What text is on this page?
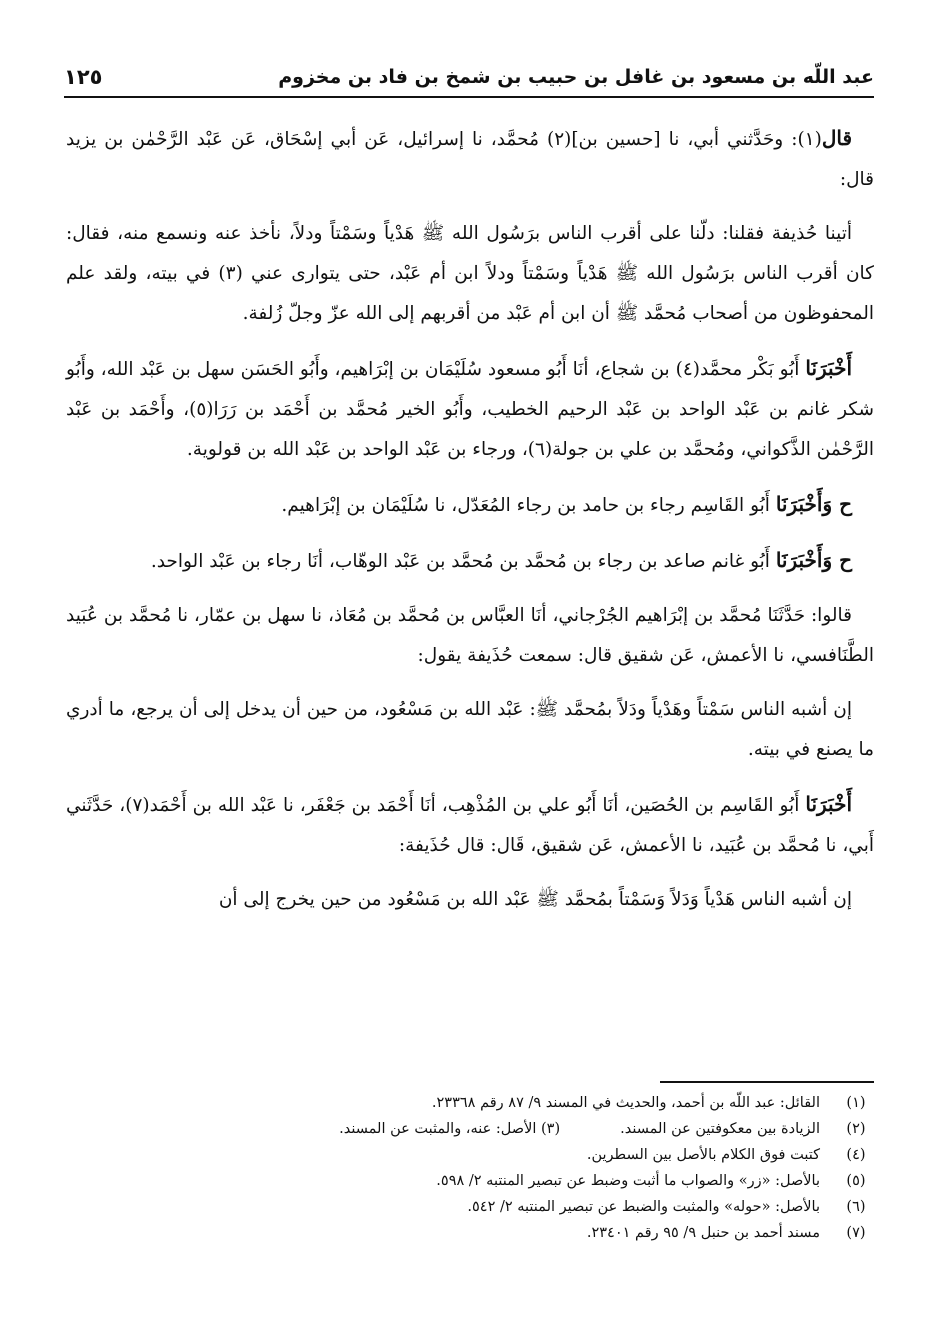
عبد اللّه بن مسعود بن غافل بن حبيب بن شمخ بن فاد بن مخزوم
١٢٥

قال(١): وحَدَّثني أبي، نا [حسين بن](٢) مُحمَّد، نا إسرائيل، عَن أبي إسْحَاق، عَن عَبْد الرَّحْمٰن بن يزيد قال:

أتينا حُذيفة فقلنا: دلّنا على أقرب الناس برَسُول الله ﷺ هَدْياً وسَمْتاً ودلاً، نأخذ عنه ونسمع منه، فقال: كان أقرب الناس برَسُول الله ﷺ هَدْياً وسَمْتاً ودلاً ابن أم عَبْد، حتى يتوارى عني (٣) في بيته، ولقد علم المحفوظون من أصحاب مُحمَّد ﷺ أن ابن أم عَبْد من أقربهم إلى الله عزّ وجلّ زُلفة.

أَخْبَرَنَا أَبُو بَكْر محمَّد(٤) بن شجاع، أنَا أَبُو مسعود سُلَيْمَان بن إبْرَاهيم، وأَبُو الحَسَن سهل بن عَبْد الله، وأَبُو شكر غانم بن عَبْد الواحد بن عَبْد الرحيم الخطيب، وأَبُو الخير مُحمَّد بن أَحْمَد بن رَرَا(٥)، وأَحْمَد بن عَبْد الرَّحْمٰن الذَّكواني، ومُحمَّد بن علي بن جولة(٦)، ورجاء بن عَبْد الواحد بن عَبْد الله بن قولوية.

ح وَأَخْبَرَنَا أَبُو القَاسِم رجاء بن حامد بن رجاء المُعَدّل، نا سُلَيْمَان بن إبْرَاهيم.

ح وَأَخْبَرَنَا أَبُو غانم صاعد بن رجاء بن مُحمَّد بن مُحمَّد بن عَبْد الوهّاب، أنَا رجاء بن عَبْد الواحد.

قالوا: حَدَّثَنَا مُحمَّد بن إبْرَاهيم الجُرْجاني، أنَا العبَّاس بن مُحمَّد بن مُعَاذ، نا سهل بن عمّار، نا مُحمَّد بن عُبَيد الطَّنَافسي، نا الأعمش، عَن شقيق قال: سمعت حُذَيفة يقول:

إن أشبه الناس سَمْتاً وهَدْياً ودَلاً بمُحمَّد ﷺ: عَبْد الله بن مَسْعُود، من حين أن يدخل إلى أن يرجع، ما أدري ما يصنع في بيته.

أَخْبَرَنَا أَبُو القَاسِم بن الحُصَين، أنَا أَبُو علي بن المُذْهِب، أنَا أَحْمَد بن جَعْفَر، نا عَبْد الله بن أَحْمَد(٧)، حَدَّثَني أَبي، نا مُحمَّد بن عُبَيد، نا الأعمش، عَن شقيق، قَال: قال حُذَيفة:

إن أشبه الناس هَدْياً وَدَلاً وَسَمْتاً بمُحمَّد ﷺ عَبْد الله بن مَسْعُود من حين يخرج إلى أن

(١)
القائل: عبد اللّه بن أحمد، والحديث في المسند ٩/ ٨٧ رقم ٢٣٣٦٨.
(٢)
الزيادة بين معكوفتين عن المسند.
(٣) الأصل: عنه، والمثبت عن المسند.
(٤)
كتبت فوق الكلام بالأصل بين السطرين.
(٥)
بالأصل: «زر» والصواب ما أثبت وضبط عن تبصير المنتبه ٢/ ٥٩٨.
(٦)
بالأصل: «حوله» والمثبت والضبط عن تبصير المنتبه ٢/ ٥٤٢.
(٧)
مسند أحمد بن حنبل ٩/ ٩٥ رقم ٢٣٤٠١.
